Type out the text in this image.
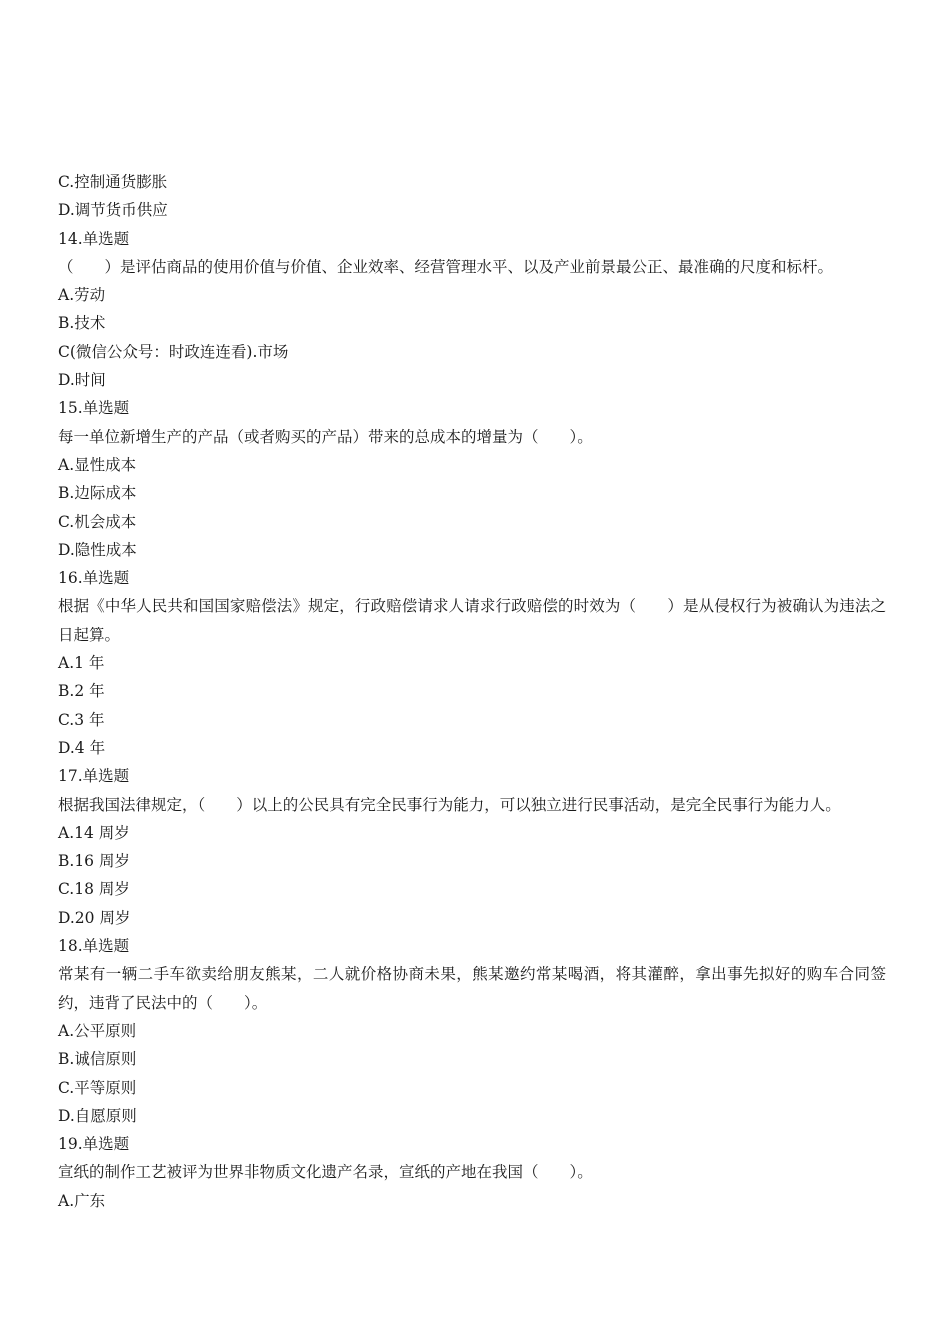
C.控制通货膨胀
D.调节货币供应
14.单选题
（　　）是评估商品的使用价值与价值、企业效率、经营管理水平、以及产业前景最公正、最准确的尺度和标杆。
A.劳动
B.技术
C(微信公众号：时政连连看).市场
D.时间
15.单选题
每一单位新增生产的产品（或者购买的产品）带来的总成本的增量为（　　）。
A.显性成本
B.边际成本
C.机会成本
D.隐性成本
16.单选题
根据《中华人民共和国国家赔偿法》规定，行政赔偿请求人请求行政赔偿的时效为（　　）是从侵权行为被确认为违法之日起算。
A.1 年
B.2 年
C.3 年
D.4 年
17.单选题
根据我国法律规定，（　　）以上的公民具有完全民事行为能力，可以独立进行民事活动，是完全民事行为能力人。
A.14 周岁
B.16 周岁
C.18 周岁
D.20 周岁
18.单选题
常某有一辆二手车欲卖给朋友熊某，二人就价格协商未果，熊某邀约常某喝酒，将其灌醉，拿出事先拟好的购车合同签约，违背了民法中的（　　）。
A.公平原则
B.诚信原则
C.平等原则
D.自愿原则
19.单选题
宣纸的制作工艺被评为世界非物质文化遗产名录，宣纸的产地在我国（　　）。
A.广东
